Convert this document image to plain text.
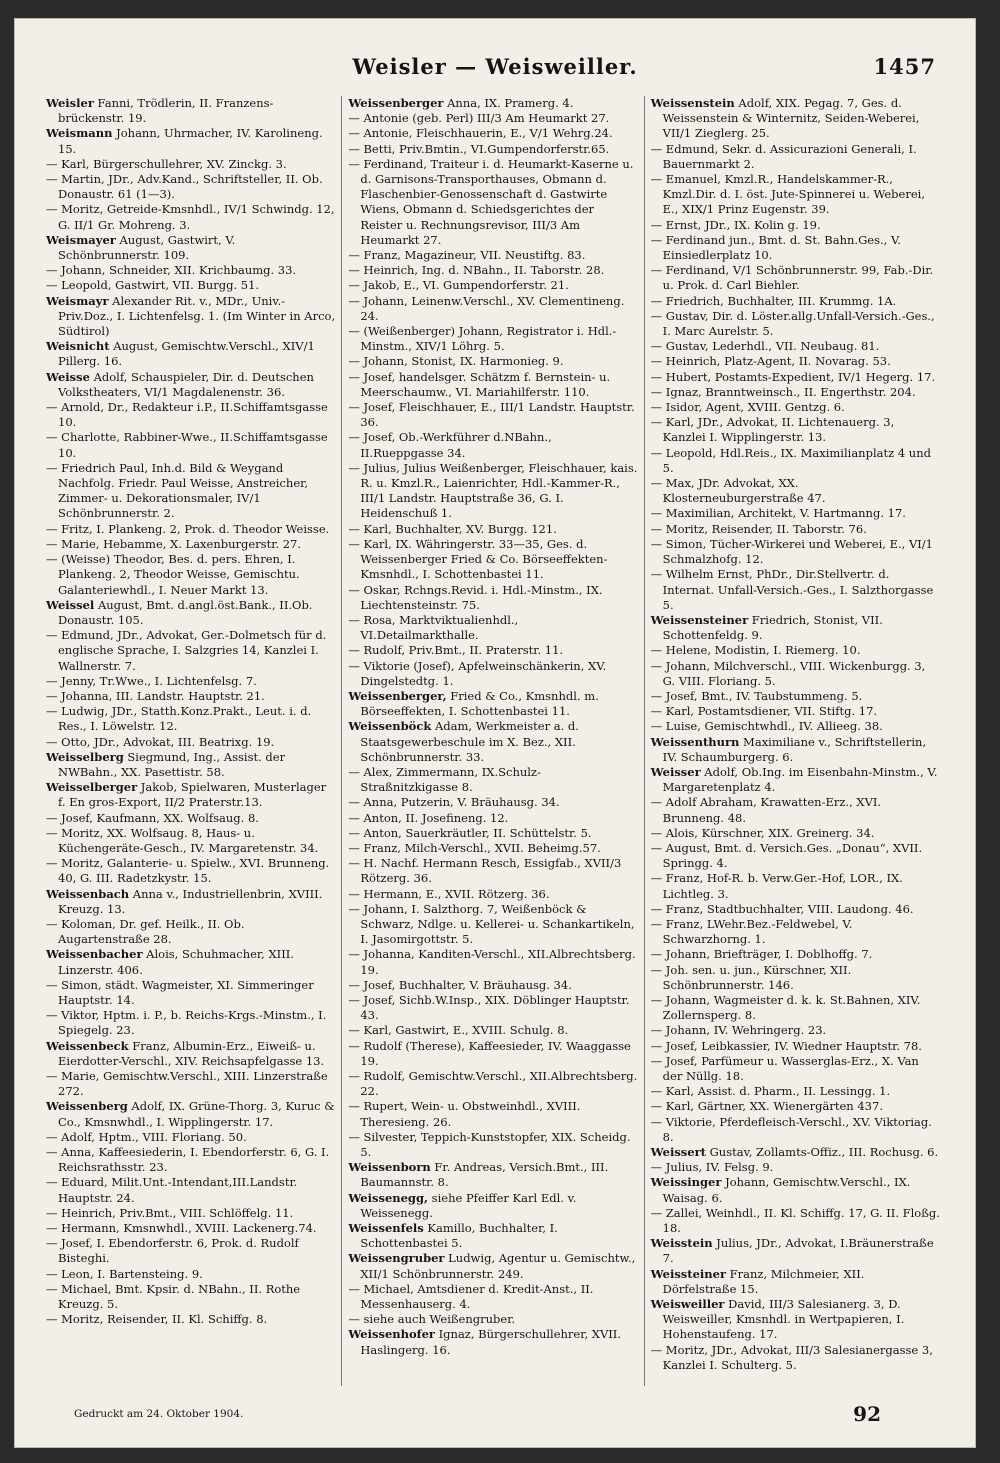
Weisler — Weisweiller.	1457

Weisler Fanni, Trödlerin, II. Franzens-brückenstr. 19.

Weismann Johann, Uhrmacher, IV. Karolineng. 15.

— Karl, Bürgerschullehrer, XV. Zinckg. 3.

— Martin, JDr., Adv.Kand., Schriftsteller, II. Ob. Donaustr. 61 (1—3).

— Moritz, Getreide-Kmsnhdl., IV/1 Schwindg. 12, G. II/1 Gr. Mohreng. 3.

Weismayer August, Gastwirt, V. Schönbrunnerstr. 109.

— Johann, Schneider, XII. Krichbaumg. 33.

— Leopold, Gastwirt, VII. Burgg. 51.

Weismayr Alexander Rit. v., MDr., Univ.-Priv.Doz., I. Lichtenfelsg. 1. (Im Winter in Arco, Südtirol)

Weisnicht August, Gemischtw.Verschl., XIV/1 Pillerg. 16.

Weisse Adolf, Schauspieler, Dir. d. Deutschen Volkstheaters, VI/1 Magdalenenstr. 36.

— Arnold, Dr., Redakteur i.P., II.Schiffamtsgasse 10.

— Charlotte, Rabbiner-Wwe., II.Schiffamtsgasse 10.

— Friedrich Paul, Inh.d. Bild & Weygand Nachfolg. Friedr. Paul Weisse, Anstreicher, Zimmer- u. Dekorationsmaler, IV/1 Schönbrunnerstr. 2.

— Fritz, I. Plankeng. 2, Prok. d. Theodor Weisse.

— Marie, Hebamme, X. Laxenburgerstr. 27.

— (Weisse) Theodor, Bes. d. pers. Ehren, I. Plankeng. 2, Theodor Weisse, Gemischtu. Galanteriewhdl., I. Neuer Markt 13.

Weissel August, Bmt. d.angl.öst.Bank., II.Ob. Donaustr. 105.

— Edmund, JDr., Advokat, Ger.-Dolmetsch für d. englische Sprache, I. Salzgries 14, Kanzlei I. Wallnerstr. 7.

— Jenny, Tr.Wwe., I. Lichtenfelsg. 7.

— Johanna, III. Landstr. Hauptstr. 21.

— Ludwig, JDr., Statth.Konz.Prakt., Leut. i. d. Res., I. Löwelstr. 12.

— Otto, JDr., Advokat, III. Beatrixg. 19.

Weisselberg Siegmund, Ing., Assist. der NWBahn., XX. Pasettistr. 58.

Weisselberger Jakob, Spielwaren, Musterlager f. En gros-Export, II/2 Praterstr.13.

— Josef, Kaufmann, XX. Wolfsaug. 8.

— Moritz, XX. Wolfsaug. 8, Haus- u. Küchengeräte-Gesch., IV. Margaretenstr. 34.

— Moritz, Galanterie- u. Spielw., XVI. Brunneng. 40, G. III. Radetzkystr. 15.

Weissenbach Anna v., Industriellenbrin, XVIII. Kreuzg. 13.

— Koloman, Dr. gef. Heilk., II. Ob. Augartenstraße 28.

Weissenbacher Alois, Schuhmacher, XIII. Linzerstr. 406.

— Simon, städt. Wagmeister, XI. Simmeringer Hauptstr. 14.

— Viktor, Hptm. i. P., b. Reichs-Krgs.-Minstm., I. Spiegelg. 23.

Weissenbeck Franz, Albumin-Erz., Eiweiß- u. Eierdotter-Verschl., XIV. Reichsapfelgasse 13.

— Marie, Gemischtw.Verschl., XIII. Linzerstraße 272.

Weissenberg Adolf, IX. Grüne-Thorg. 3, Kuruc & Co., Kmsnwhdl., I. Wipplingerstr. 17.

— Adolf, Hptm., VIII. Floriang. 50.

— Anna, Kaffeesiederin, I. Ebendorferstr. 6, G. I. Reichsrathsstr. 23.

— Eduard, Milit.Unt.-Intendant,III.Landstr. Hauptstr. 24.

— Heinrich, Priv.Bmt., VIII. Schlöffelg. 11.

— Hermann, Kmsnwhdl., XVIII. Lackenerg.74.

— Josef, I. Ebendorferstr. 6, Prok. d. Rudolf Bisteghi.

— Leon, I. Bartensteing. 9.

— Michael, Bmt. Kpsir. d. NBahn., II. Rothe Kreuzg. 5.

— Moritz, Reisender, II. Kl. Schiffg. 8.

Weissenberger Anna, IX. Pramerg. 4.

— Antonie (geb. Perl) III/3 Am Heumarkt 27.

— Antonie, Fleischhauerin, E., V/1 Wehrg.24.

— Betti, Priv.Bmtin., VI.Gumpendorferstr.65.

— Ferdinand, Traiteur i. d. Heumarkt-Kaserne u. d. Garnisons-Transporthauses, Obmann d. Flaschenbier-Genossenschaft d. Gastwirte Wiens, Obmann d. Schiedsgerichtes der Reister u. Rechnungsrevisor, III/3 Am Heumarkt 27.

— Franz, Magazineur, VII. Neustiftg. 83.

— Heinrich, Ing. d. NBahn., II. Taborstr. 28.

— Jakob, E., VI. Gumpendorferstr. 21.

— Johann, Leinenw.Verschl., XV. Clementineng. 24.

— (Weißenberger) Johann, Registrator i. Hdl.-Minstm., XIV/1 Löhrg. 5.

— Johann, Stonist, IX. Harmonieg. 9.

— Josef, handelsger. Schätzm f. Bernstein- u. Meerschaumw., VI. Mariahilferstr. 110.

— Josef, Fleischhauer, E., III/1 Landstr. Hauptstr. 36.

— Josef, Ob.-Werkführer d.NBahn., II.Rueppgasse 34.

— Julius, Julius Weißenberger, Fleischhauer, kais. R. u. Kmzl.R., Laienrichter, Hdl.-Kammer-R., III/1 Landstr. Hauptstraße 36, G. I. Heidenschuß 1.

— Karl, Buchhalter, XV. Burgg. 121.

— Karl, IX. Währingerstr. 33—35, Ges. d. Weissenberger Fried & Co. Börseeffekten-Kmsnhdl., I. Schottenbastei 11.

— Oskar, Rchngs.Revid. i. Hdl.-Minstm., IX. Liechtensteinstr. 75.

— Rosa, Marktviktualienhdl., VI.Detailmarkthalle.

— Rudolf, Priv.Bmt., II. Praterstr. 11.

— Viktorie (Josef), Apfelweinschänkerin, XV. Dingelstedtg. 1.

Weissenberger, Fried & Co., Kmsnhdl. m. Börseeffekten, I. Schottenbastei 11.

Weissenböck Adam, Werkmeister a. d. Staatsgewerbeschule im X. Bez., XII. Schönbrunnerstr. 33.

— Alex, Zimmermann, IX.Schulz-Straßnitzkigasse 8.

— Anna, Putzerin, V. Bräuhausg. 34.

— Anton, II. Josefineng. 12.

— Anton, Sauerkräutler, II. Schüttelstr. 5.

— Franz, Milch-Verschl., XVII. Beheimg.57.

— H. Nachf. Hermann Resch, Essigfab., XVII/3 Rötzerg. 36.

— Hermann, E., XVII. Rötzerg. 36.

— Johann, I. Salzthorg. 7, Weißenböck & Schwarz, Ndlge. u. Kellerei- u. Schankartikeln, I. Jasomirgottstr. 5.

— Johanna, Kanditen-Verschl., XII.Albrechtsberg. 19.

— Josef, Buchhalter, V. Bräuhausg. 34.

— Josef, Sichb.W.Insp., XIX. Döblinger Hauptstr. 43.

— Karl, Gastwirt, E., XVIII. Schulg. 8.

— Rudolf (Therese), Kaffeesieder, IV. Waaggasse 19.

— Rudolf, Gemischtw.Verschl., XII.Albrechtsberg. 22.

— Rupert, Wein- u. Obstweinhdl., XVIII. Theresieng. 26.

— Silvester, Teppich-Kunststopfer, XIX. Scheidg. 5.

Weissenborn Fr. Andreas, Versich.Bmt., III. Baumannstr. 8.

Weissenegg, siehe Pfeiffer Karl Edl. v. Weissenegg.

Weissenfels Kamillo, Buchhalter, I. Schottenbastei 5.

Weissengruber Ludwig, Agentur u. Gemischtw., XII/1 Schönbrunnerstr. 249.

— Michael, Amtsdiener d. Kredit-Anst., II. Messenhauserg. 4.

— siehe auch Weißengruber.

Weissenhofer Ignaz, Bürgerschullehrer, XVII. Haslingerg. 16.

Weissenstein Adolf, XIX. Pegag. 7, Ges. d. Weissenstein & Winternitz, Seiden-Weberei, VII/1 Zieglerg. 25.

— Edmund, Sekr. d. Assicurazioni Generali, I. Bauernmarkt 2.

— Emanuel, Kmzl.R., Handelskammer-R., Kmzl.Dir. d. I. öst. Jute-Spinnerei u. Weberei, E., XIX/1 Prinz Eugenstr. 39.

— Ernst, JDr., IX. Kolin g. 19.

— Ferdinand jun., Bmt. d. St. Bahn.Ges., V. Einsiedlerplatz 10.

— Ferdinand, V/1 Schönbrunnerstr. 99, Fab.-Dir. u. Prok. d. Carl Biehler.

— Friedrich, Buchhalter, III. Krummg. 1A.

— Gustav, Dir. d. Löster.allg.Unfall-Versich.-Ges., I. Marc Aurelstr. 5.

— Gustav, Lederhdl., VII. Neubaug. 81.

— Heinrich, Platz-Agent, II. Novarag. 53.

— Hubert, Postamts-Expedient, IV/1 Hegerg. 17.

— Ignaz, Branntweinsch., II. Engerthstr. 204.

— Isidor, Agent, XVIII. Gentzg. 6.

— Karl, JDr., Advokat, II. Lichtenauerg. 3, Kanzlei I. Wipplingerstr. 13.

— Leopold, Hdl.Reis., IX. Maximilianplatz 4 und 5.

— Max, JDr. Advokat, XX. Klosterneuburgerstraße 47.

— Maximilian, Architekt, V. Hartmanng. 17.

— Moritz, Reisender, II. Taborstr. 76.

— Simon, Tücher-Wirkerei und Weberei, E., VI/1 Schmalzhofg. 12.

— Wilhelm Ernst, PhDr., Dir.Stellvertr. d. Internat. Unfall-Versich.-Ges., I. Salzthorgasse 5.

Weissensteiner Friedrich, Stonist, VII. Schottenfeldg. 9.

— Helene, Modistin, I. Riemerg. 10.

— Johann, Milchverschl., VIII. Wickenburgg. 3, G. VIII. Floriang. 5.

— Josef, Bmt., IV. Taubstummeng. 5.

— Karl, Postamtsdiener, VII. Stiftg. 17.

— Luise, Gemischtwhdl., IV. Allieeg. 38.

Weissenthurn Maximiliane v., Schriftstellerin, IV. Schaumburgerg. 6.

Weisser Adolf, Ob.Ing. im Eisenbahn-Minstm., V. Margaretenplatz 4.

— Adolf Abraham, Krawatten-Erz., XVI. Brunneng. 48.

— Alois, Kürschner, XIX. Greinerg. 34.

— August, Bmt. d. Versich.Ges. „Donau“, XVII. Springg. 4.

— Franz, Hof-R. b. Verw.Ger.-Hof, LOR., IX. Lichtleg. 3.

— Franz, Stadtbuchhalter, VIII. Laudong. 46.

— Franz, LWehr.Bez.-Feldwebel, V. Schwarzhorng. 1.

— Johann, Briefträger, I. Doblhoffg. 7.

— Joh. sen. u. jun., Kürschner, XII. Schönbrunnerstr. 146.

— Johann, Wagmeister d. k. k. St.Bahnen, XIV. Zollernsperg. 8.

— Johann, IV. Wehringerg. 23.

— Josef, Leibkassier, IV. Wiedner Hauptstr. 78.

— Josef, Parfümeur u. Wasserglas-Erz., X. Van der Nüllg. 18.

— Karl, Assist. d. Pharm., II. Lessingg. 1.

— Karl, Gärtner, XX. Wienergärten 437.

— Viktorie, Pferdefleisch-Verschl., XV. Viktoriag. 8.

Weissert Gustav, Zollamts-Offiz., III. Rochusg. 6.

— Julius, IV. Felsg. 9.

Weissinger Johann, Gemischtw.Verschl., IX. Waisag. 6.

— Zallei, Weinhdl., II. Kl. Schiffg. 17, G. II. Floßg. 18.

Weisstein Julius, JDr., Advokat, I.Bräunerstraße 7.

Weissteiner Franz, Milchmeier, XII. Dörfelstraße 15.

Weisweiller David, III/3 Salesianerg. 3, D. Weisweiller, Kmsnhdl. in Wertpapieren, I. Hohenstaufeng. 17.

— Moritz, JDr., Advokat, III/3 Salesianergasse 3, Kanzlei I. Schulterg. 5.

Gedruckt am 24. Oktober 1904.	92
